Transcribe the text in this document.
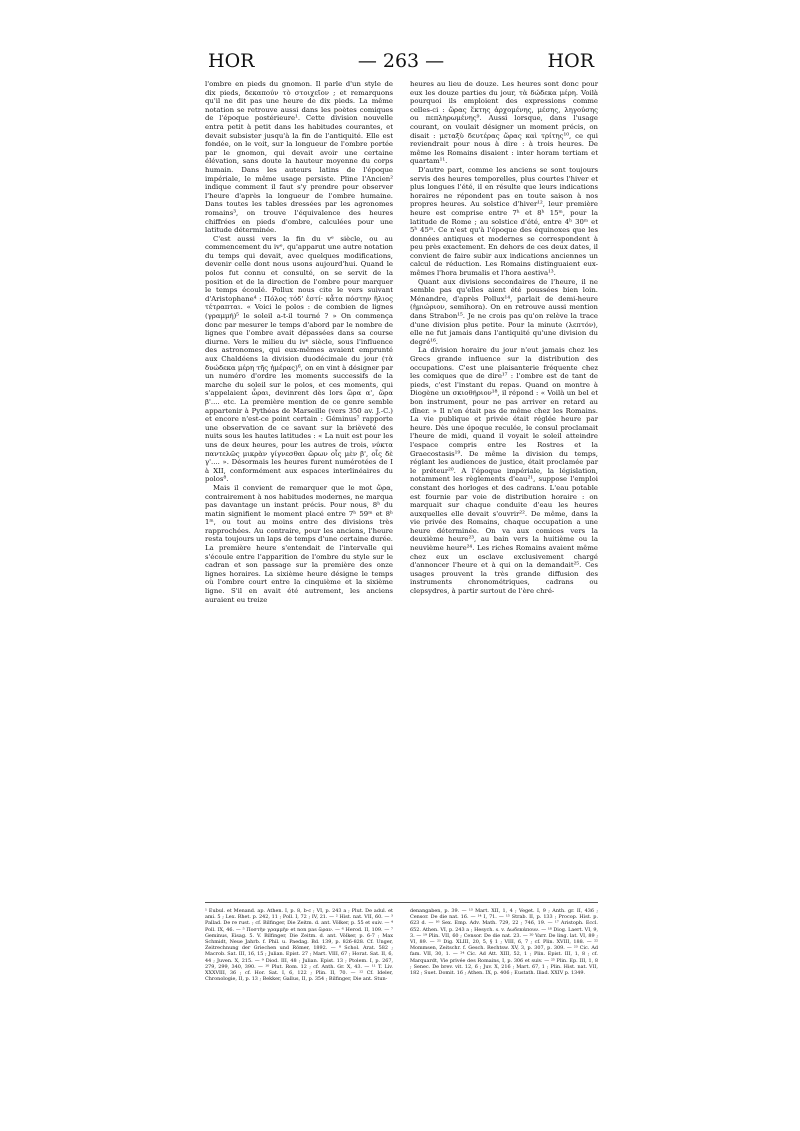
HOR	— 263 —	HOR

l'ombre en pieds du gnomon. Il parle d'un style de dix pieds, δεκαπούν τὸ στοιχεῖον ; et remarquons qu'il ne dit pas une heure de dix pieds. La même notation se retrouve aussi dans les poètes comiques de l'époque postérieure¹. Cette division nouvelle entra petit à petit dans les habitudes courantes, et devait subsister jusqu'à la fin de l'antiquité. Elle est fondée, on le voit, sur la longueur de l'ombre portée par le gnomon, qui devait avoir une certaine élévation, sans doute la hauteur moyenne du corps humain. Dans les auteurs latins de l'époque impériale, le même usage persiste. Pline l'Ancien² indique comment il faut s'y prendre pour observer l'heure d'après la longueur de l'ombre humaine. Dans toutes les tables dressées par les agronomes romains³, on trouve l'équivalence des heures chiffrées en pieds d'ombre, calculées pour une latitude déterminée.

C'est aussi vers la fin du vᵉ siècle, ou au commencement du ivᵉ, qu'apparut une autre notation du temps qui devait, avec quelques modifications, devenir celle dont nous usons aujourd'hui. Quand le polos fut connu et consulté, on se servit de la position et de la direction de l'ombre pour marquer le temps écoulé. Pollux nous cite le vers suivant d'Aristophane⁴ : Πόλος τόδ' ἐστί· κἆτα πόστην ἥλιος τέτραπται. « Voici le polos : de combien de lignes (γραμμή)⁵ le soleil a-t-il tourné ? » On commença donc par mesurer le temps d'abord par le nombre de lignes que l'ombre avait dépassées dans sa course diurne. Vers le milieu du ivᵉ siècle, sous l'influence des astronomes, qui eux-mêmes avaient emprunté aux Chaldéens la division duodécimale du jour (τὰ δυώδεκα μέρη τῆς ἡμέρας)⁶, on en vint à désigner par un numéro d'ordre les moments successifs de la marche du soleil sur le polos, et ces moments, qui s'appelaient ὧραι, devinrent dès lors ὥρα α', ὥρα β'.... etc. La première mention de ce genre semble appartenir à Pythéas de Marseille (vers 350 av. J.-C.) et encore n'est-ce point certain : Géminus⁷ rapporte une observation de ce savant sur la brièveté des nuits sous les hautes latitudes : « La nuit est pour les uns de deux heures, pour les autres de trois, νύκτα παντελῶς μικρὰν γίγνεσθαι ὥρων οἷς μὲν β', οἷς δὲ γ'.... ». Désormais les heures furent numérotées de I à XII, conformément aux espaces interlinéaires du polos⁸.

Mais il convient de remarquer que le mot ὥρα, contrairement à nos habitudes modernes, ne marqua pas davantage un instant précis. Pour nous, 8ʰ du matin signifient le moment placé entre 7ʰ 59ᵐ et 8ʰ 1ᵐ, ou tout au moins entre des divisions très rapprochées. Au contraire, pour les anciens, l'heure resta toujours un laps de temps d'une certaine durée. La première heure s'entendait de l'intervalle qui s'écoule entre l'apparition de l'ombre du style sur le cadran et son passage sur la première des onze lignes horaires. La sixième heure désigne le temps où l'ombre court entre la cinquième et la sixième ligne. S'il en avait été autrement, les anciens auraient eu treize

heures au lieu de douze. Les heures sont donc pour eux les douze parties du jour, τὰ δώδεκα μέρη. Voilà pourquoi ils emploient des expressions comme celles-ci : ὥρας ἕκτης ἀρχομένης, μέσης, ληγούσης ou πεπληρωμένης⁹. Aussi lorsque, dans l'usage courant, on voulait désigner un moment précis, on disait : μεταξὺ δευτέρας ὥρας καὶ τρίτης¹⁰, ce qui reviendrait pour nous à dire : à trois heures. De même les Romains disaient : inter horam tertiam et quartam¹¹.

D'autre part, comme les anciens se sont toujours servis des heures temporelles, plus courtes l'hiver et plus longues l'été, il en résulte que leurs indications horaires ne répondent pas en toute saison à nos propres heures. Au solstice d'hiver¹², leur première heure est comprise entre 7ʰ et 8ʰ 15ᵐ, pour la latitude de Rome ; au solstice d'été, entre 4ʰ 30ᵐ et 5ʰ 45ᵐ. Ce n'est qu'à l'époque des équinoxes que les données antiques et modernes se correspondent à peu près exactement. En dehors de ces deux dates, il convient de faire subir aux indications anciennes un calcul de réduction. Les Romains distinguaient eux-mêmes l'hora brumalis et l'hora aestiva¹³.

Quant aux divisions secondaires de l'heure, il ne semble pas qu'elles aient été poussées bien loin. Ménandre, d'après Pollux¹⁴, parlait de demi-heure (ἡμιώριον, semihora). On en retrouve aussi mention dans Strabon¹⁵. Je ne crois pas qu'on relève la trace d'une division plus petite. Pour la minute (λεπτόν), elle ne fut jamais dans l'antiquité qu'une division du degré¹⁶.

La division horaire du jour n'eut jamais chez les Grecs grande influence sur la distribution des occupations. C'est une plaisanterie fréquente chez les comiques que de dire¹⁷ : l'ombre est de tant de pieds, c'est l'instant du repas. Quand on montre à Diogène un σκιοθήριον¹⁸, il répond : « Voilà un bel et bon instrument, pour ne pas arriver en retard au dîner. » Il n'en était pas de même chez les Romains. La vie publique et privée était réglée heure par heure. Dès une époque reculée, le consul proclamait l'heure de midi, quand il voyait le soleil atteindre l'espace compris entre les Rostres et la Graecostasis¹⁹. De même la division du temps, réglant les audiences de justice, était proclamée par le préteur²⁰. A l'époque impériale, la législation, notamment les règlements d'eau²¹, suppose l'emploi constant des horloges et des cadrans. L'eau potable est fournie par voie de distribution horaire : on marquait sur chaque conduite d'eau les heures auxquelles elle devait s'ouvrir²². De même, dans la vie privée des Romains, chaque occupation a une heure déterminée. On va aux comices vers la deuxième heure²³, au bain vers la huitième ou la neuvième heure²⁴. Les riches Romains avaient même chez eux un esclave exclusivement chargé d'annoncer l'heure et à qui on la demandait²⁵. Ces usages prouvent la très grande diffusion des instruments chronométriques, cadrans ou clepsydres, à partir surtout de l'ère chré-

¹ Eubul. et Menand. ap. Athen. I, p. 8, b-c ; VI, p. 243 a ; Plut. De adul. et ami. 5 ; Lex. Rhet. p. 242, 11 ; Poll. I, 72 ; IV, 21. — ² Hist. nat. VII, 60. — ³ Pallad. De re rust. ; cf. Bilfinger, Die Zeitm. d. ant. Völker, p. 55 et suiv. — ⁴ Poll. IX, 46. — ⁵ Ποστὴν γραμμὴν et non pas ὥραν. — ⁶ Herod. II, 109. — ⁷ Geminus, Eisag. 5. V. Bilfinger, Die Zeitm. d. ant. Völker, p. 6-7 ; Max Schmidt, Neue Jahrb. f. Phil. u. Paedag. Bd. 139, p. 826-828. Cf. Unger, Zeitrechnung der Griechen und Römer, 1892. — ⁸ Schol. Arat. 582 ; Macrob. Sat. III, 16, 15 ; Julian. Epist. 27 ; Mart. VIII, 67 ; Horat. Sat. II, 6, 44 ; Juven. X, 215. — ⁹ Diod. III, 48 ; Julian. Epist. 13 ; Ptolem. I, p. 267, 279, 299, 340, 390. — ¹⁰ Plut. Rom. 12 ; cf. Anth. Gr. X, 43. — ¹¹ T. Liv. XXXVIII, 36 ; cf. Hor. Sat. I, 6, 122 ; Plin. II, 70. — ¹² Cf. Ideler, Chronologie, II, p. 13 ; Bekker, Gallus, II, p. 354 ; Bilfinger, Die ant. Stun-

denangaben, p. 39. — ¹³ Mart. XII, 1, 4 ; Veget. I, 9 ; Anth. gr. II, 436 ; Censor. De die nat. 16. — ¹⁴ I, 71. — ¹⁵ Strab. II, p. 133 ; Procop. Hist. p. 623 d. — ¹⁶ Sex. Emp. Adv. Math. 729, 22 ; 746, 19. — ¹⁷ Aristoph. Eccl. 652. Athen. VI, p. 243 a ; Hesych. s. v. Δωδεκάπουν. — ¹⁸ Diog. Laert. VI, 9, 3. — ¹⁹ Plin. VII, 60 ; Censor. De die nat. 23. — ²⁰ Varr. De ling. lat. VI, 89 ; VI, 89. — ²¹ Dig. XLIII, 20, 5, § 1 ; VIII, 6, 7 ; cf. Plin. XVIII, 188. — ²² Mommsen, Zeitschr. f. Gesch. Rechtsw. XV, 3, p. 307, p. 309. — ²³ Cic. Ad fam. VII, 30, 1. — ²⁴ Cic. Ad Att. XIII, 52, 1 ; Plin. Epist. III, 1, 8 ; cf. Marquardt, Vie privée des Romains, I, p. 306 et suiv. — ²⁵ Plin. Ep. III, 1, 8 ; Senec. De brev. vit. 12, 6 ; Juv. X, 216 ; Mart. 67, 1 ; Plin. Hist. nat. VII, 182 ; Suet. Domit. 16 ; Athen. IX, p. 406 ; Eustath. Iliad. XXIV p. 1349.
